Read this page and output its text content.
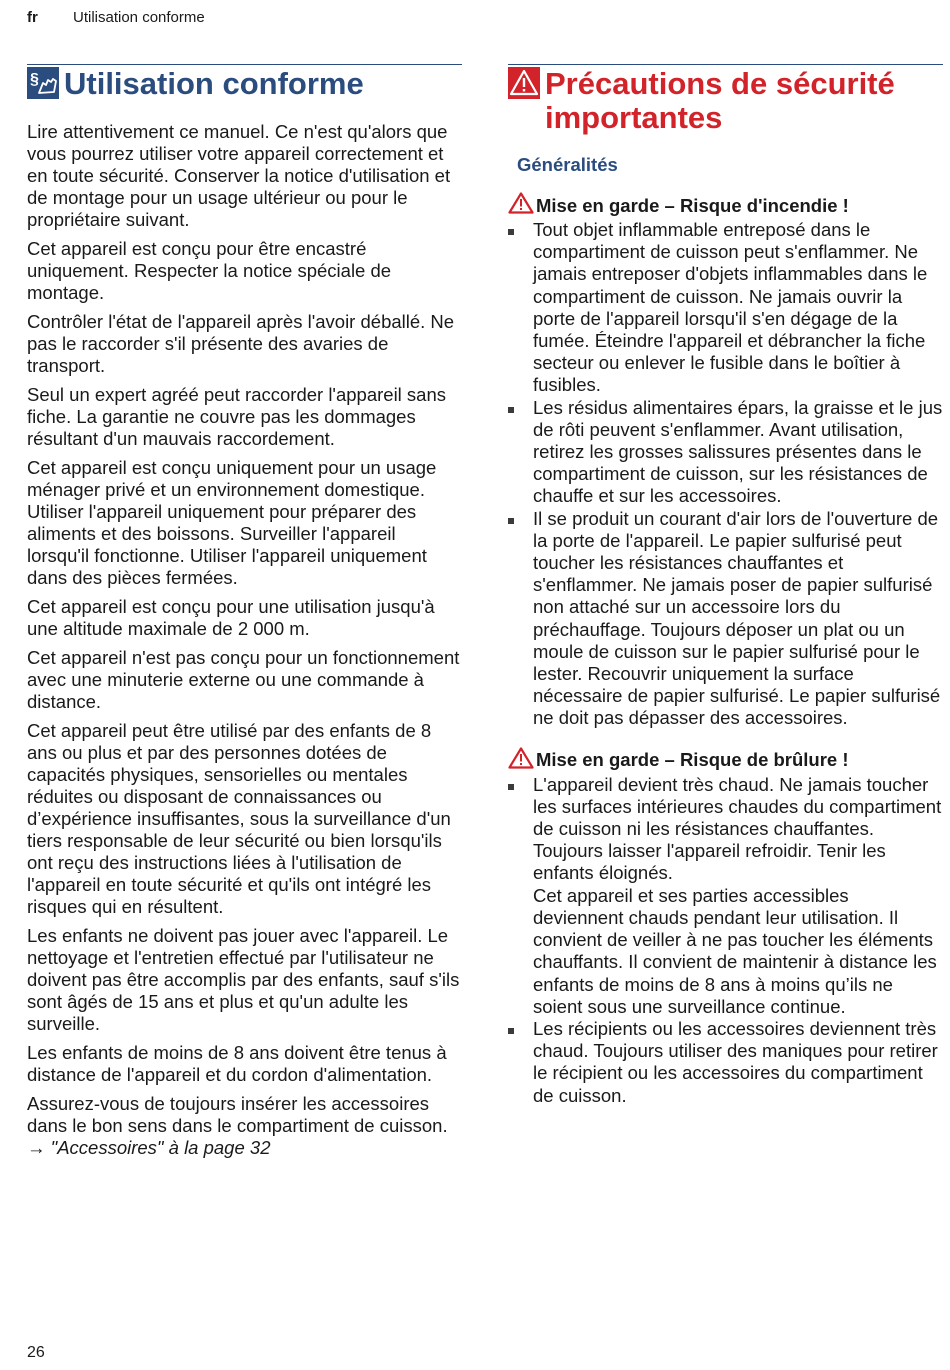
fr Utilisation conforme
§ Utilisation conforme

Lire attentivement ce manuel. Ce n'est qu'alors que vous pourrez utiliser votre appareil correctement et en toute sécurité. Conserver la notice d'utilisation et de montage pour un usage ultérieur ou pour le propriétaire suivant.

Cet appareil est conçu pour être encastré uniquement. Respecter la notice spéciale de montage.

Contrôler l'état de l'appareil après l'avoir déballé. Ne pas le raccorder s'il présente des avaries de transport.

Seul un expert agréé peut raccorder l'appareil sans fiche. La garantie ne couvre pas les dommages résultant d'un mauvais raccordement.

Cet appareil est conçu uniquement pour un usage ménager privé et un environnement domestique. Utiliser l'appareil uniquement pour préparer des aliments et des boissons. Surveiller l'appareil lorsqu'il fonctionne. Utiliser l'appareil uniquement dans des pièces fermées.

Cet appareil est conçu pour une utilisation jusqu'à une altitude maximale de 2 000 m.

Cet appareil n'est pas conçu pour un fonctionnement avec une minuterie externe ou une commande à distance.

Cet appareil peut être utilisé par des enfants de 8 ans ou plus et par des personnes dotées de capacités physiques, sensorielles ou mentales réduites ou disposant de connaissances ou d’expérience insuffisantes, sous la surveillance d'un tiers responsable de leur sécurité ou bien lorsqu'ils ont reçu des instructions liées à l'utilisation de l'appareil en toute sécurité et qu'ils ont intégré les risques qui en résultent.

Les enfants ne doivent pas jouer avec l'appareil. Le nettoyage et l'entretien effectué par l'utilisateur ne doivent pas être accomplis par des enfants, sauf s'ils sont âgés de 15 ans et plus et qu'un adulte les surveille.

Les enfants de moins de 8 ans doivent être tenus à distance de l'appareil et du cordon d'alimentation.

Assurez-vous de toujours insérer les accessoires dans le bon sens dans le compartiment de cuisson. → "Accessoires" à la page 32

Précautions de sécurité importantes
Généralités
Mise en garde – Risque d'incendie !
Tout objet inflammable entreposé dans le compartiment de cuisson peut s'enflammer. Ne jamais entreposer d'objets inflammables dans le compartiment de cuisson. Ne jamais ouvrir la porte de l'appareil lorsqu'il s'en dégage de la fumée. Éteindre l'appareil et débrancher la fiche secteur ou enlever le fusible dans le boîtier à fusibles.
Les résidus alimentaires épars, la graisse et le jus de rôti peuvent s'enflammer. Avant utilisation, retirez les grosses salissures présentes dans le compartiment de cuisson, sur les résistances de chauffe et sur les accessoires.
Il se produit un courant d'air lors de l'ouverture de la porte de l'appareil. Le papier sulfurisé peut toucher les résistances chauffantes et s'enflammer. Ne jamais poser de papier sulfurisé non attaché sur un accessoire lors du préchauffage. Toujours déposer un plat ou un moule de cuisson sur le papier sulfurisé pour le lester. Recouvrir uniquement la surface nécessaire de papier sulfurisé. Le papier sulfurisé ne doit pas dépasser des accessoires.
Mise en garde – Risque de brûlure !
L'appareil devient très chaud. Ne jamais toucher les surfaces intérieures chaudes du compartiment de cuisson ni les résistances chauffantes. Toujours laisser l'appareil refroidir. Tenir les enfants éloignés.
Cet appareil et ses parties accessibles deviennent chauds pendant leur utilisation. Il convient de veiller à ne pas toucher les éléments chauffants. Il convient de maintenir à distance les enfants de moins de 8 ans à moins qu’ils ne soient sous une surveillance continue.
Les récipients ou les accessoires deviennent très chaud. Toujours utiliser des maniques pour retirer le récipient ou les accessoires du compartiment de cuisson.
26
